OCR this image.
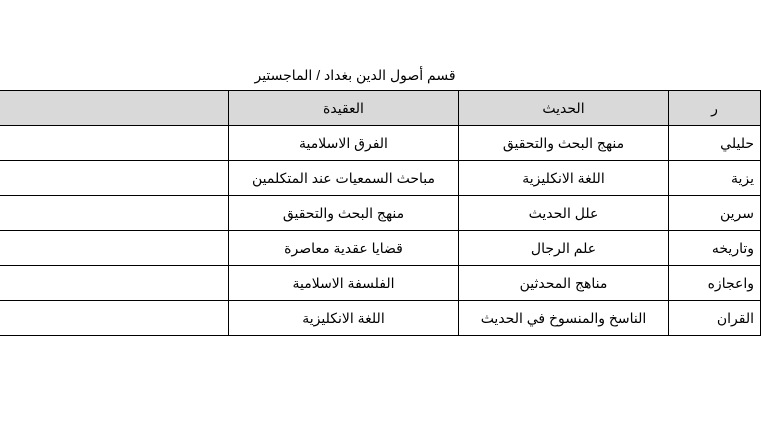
قسم أصول الدين بغداد / الماجستير
ر	الحديث	العقيدة	
حليلي	منهج البحث والتحقيق	الفرق الاسلامية	
يزية	اللغة الانكليزية	مباحث السمعيات عند المتكلمين	
سرين	علل الحديث	منهج البحث والتحقيق	
وتاريخه	علم الرجال	قضايا عقدية معاصرة	
واعجازه	مناهج المحدثين	الفلسفة الاسلامية	
القران	الناسخ والمنسوخ في الحديث	اللغة الانكليزية	
